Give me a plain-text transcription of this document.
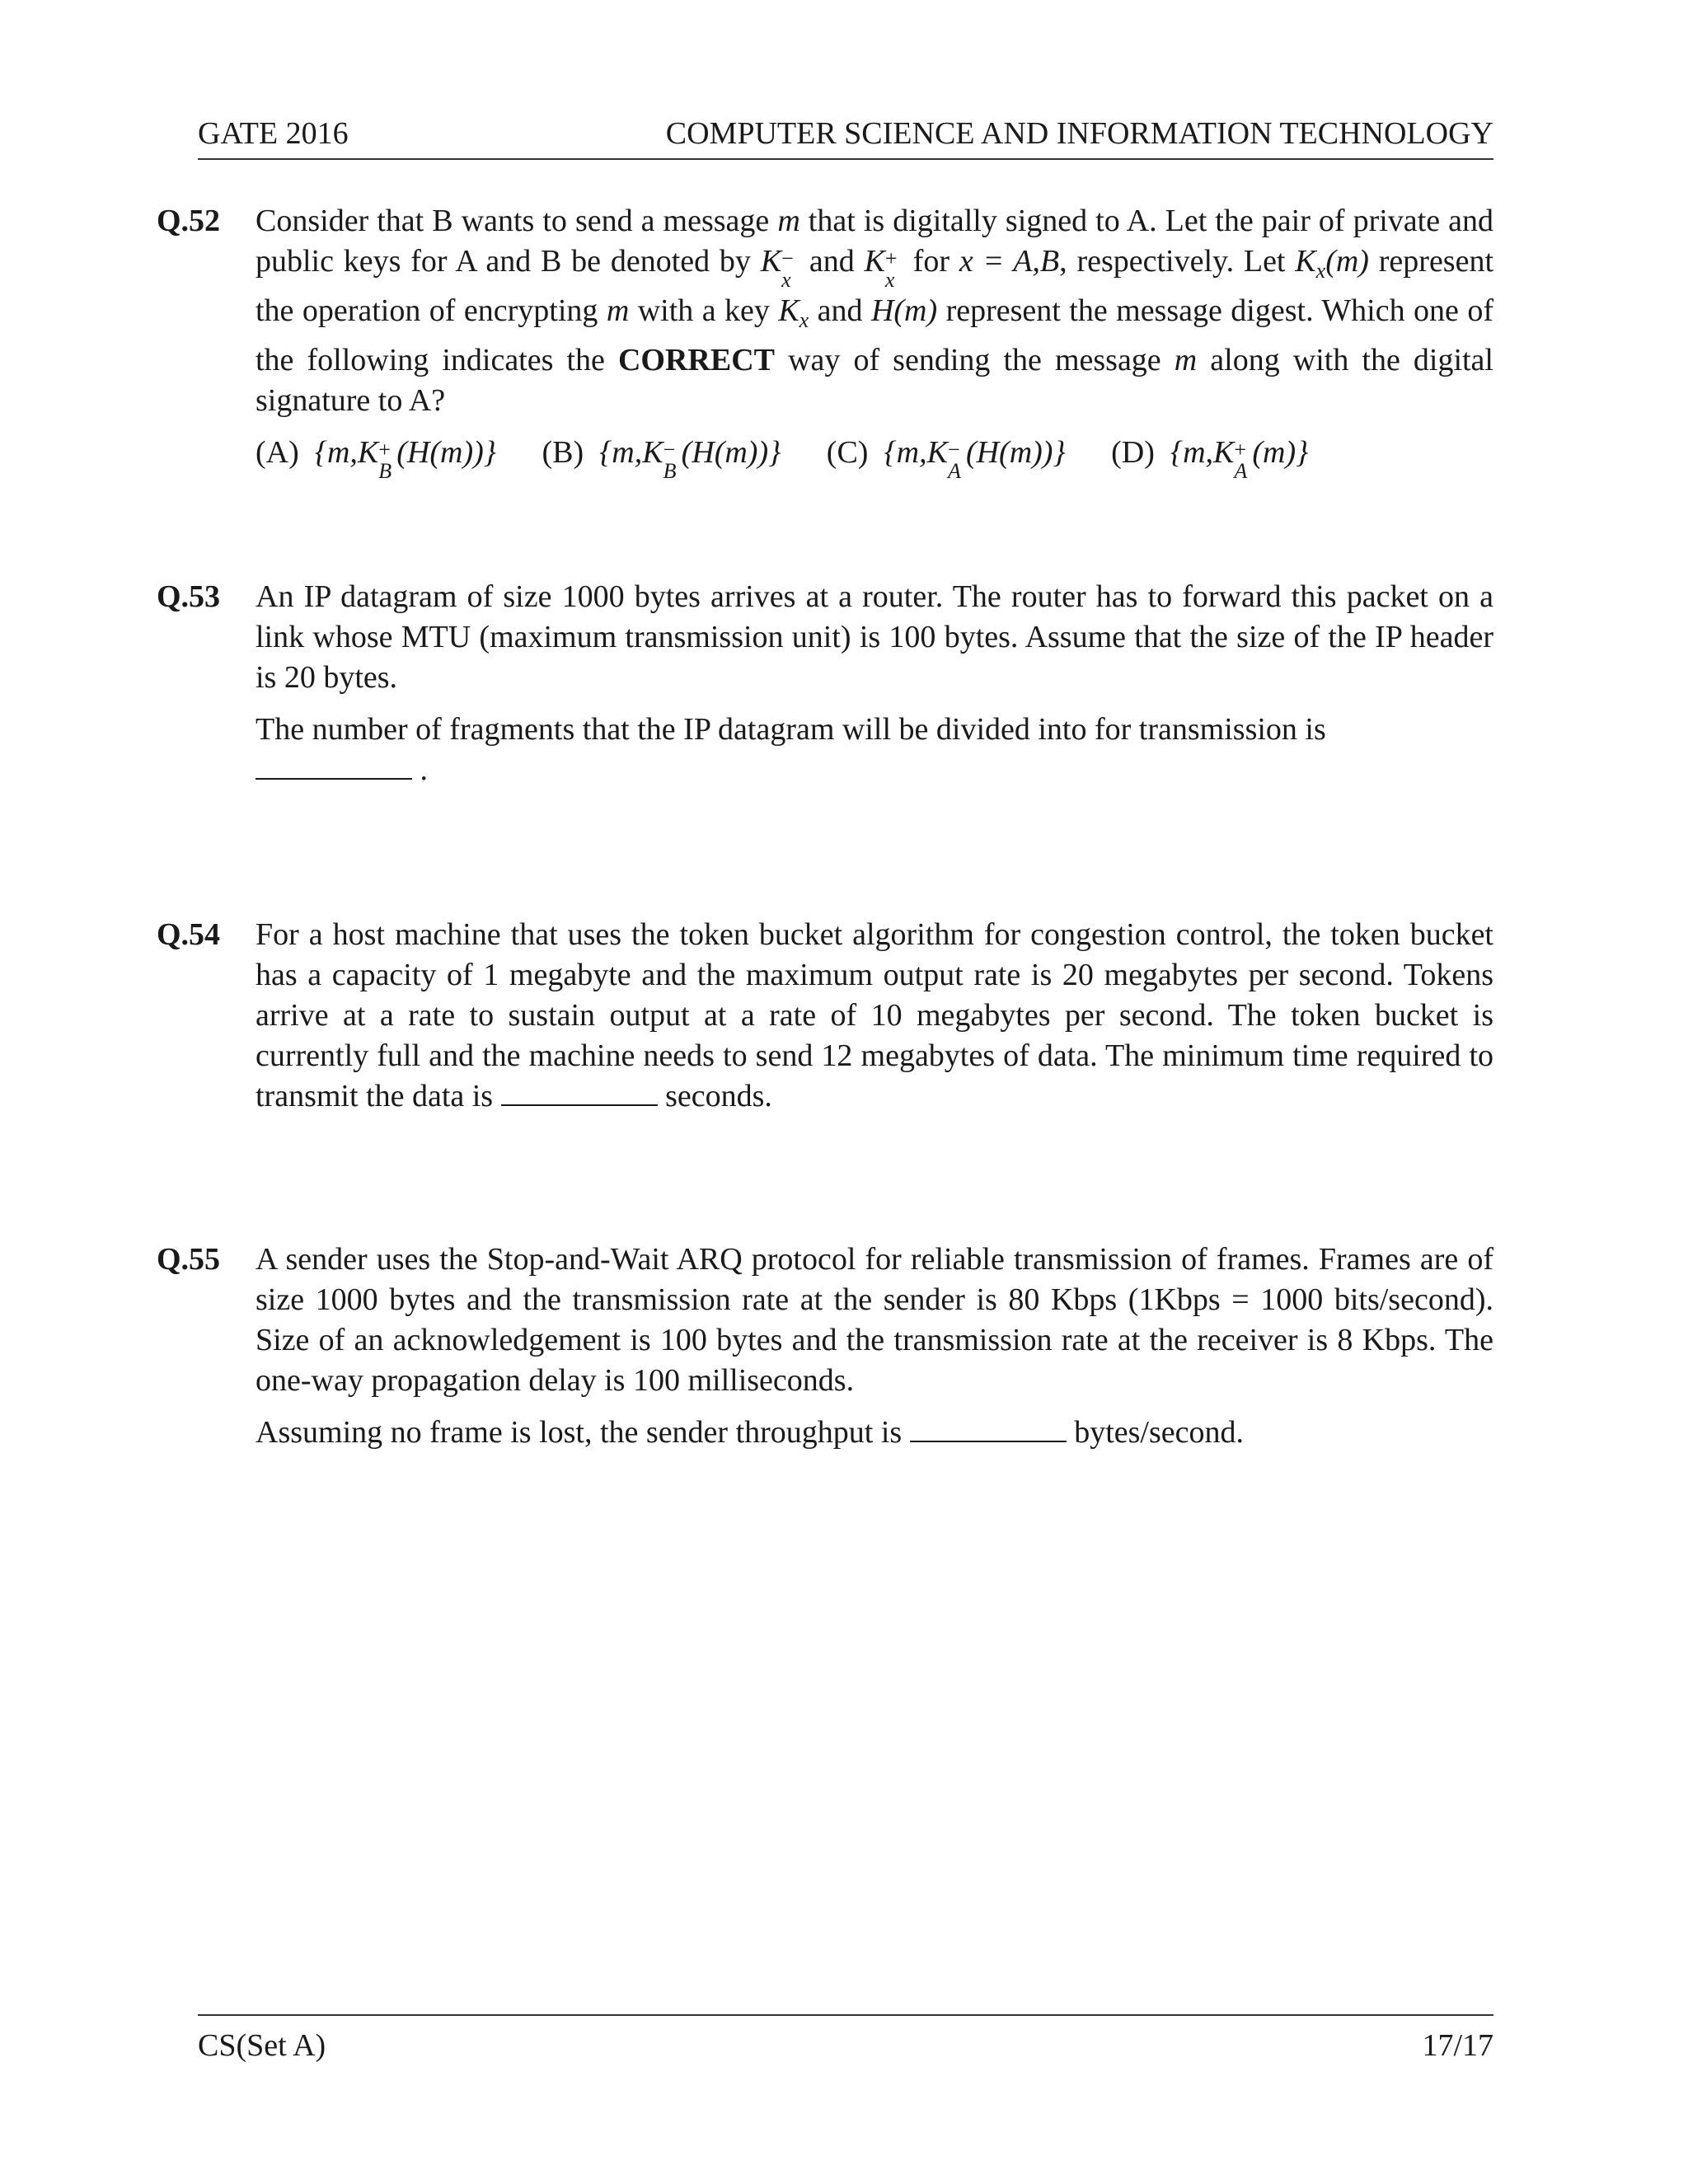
GATE 2016	COMPUTER SCIENCE AND INFORMATION TECHNOLOGY
Q.52 Consider that B wants to send a message m that is digitally signed to A. Let the pair of private and public keys for A and B be denoted by K −
x
and K +
x
for x = A,B, respectively. Let $K_x(m)$ represent the operation of encrypting m with a key $K_x$ and H(m) represent the message digest. Which one of the following indicates the CORRECT way of sending the message m along with the digital signature to A?

(A) {m,K +
B
(H(m))} (B) {m,K −
B
(H(m))} (C) {m,K −
A
(H(m))} (D) {m,K +
A
(m)}
Q.53 An IP datagram of size 1000 bytes arrives at a router. The router has to forward this packet on a link whose MTU (maximum transmission unit) is 100 bytes. Assume that the size of the IP header is 20 bytes.

The number of fragments that the IP datagram will be divided into for transmission is
.

Q.54 For a host machine that uses the token bucket algorithm for congestion control, the token bucket has a capacity of 1 megabyte and the maximum output rate is 20 megabytes per second. Tokens arrive at a rate to sustain output at a rate of 10 megabytes per second. The token bucket is currently full and the machine needs to send 12 megabytes of data. The minimum time required to transmit the data is	seconds.

Q.55 A sender uses the Stop-and-Wait ARQ protocol for reliable transmission of frames. Frames are of size 1000 bytes and the transmission rate at the sender is 80 Kbps (1Kbps = 1000 bits/second). Size of an acknowledgement is 100 bytes and the transmission rate at the receiver is 8 Kbps. The one-way propagation delay is 100 milliseconds.

Assuming no frame is lost, the sender throughput is	bytes/second.

CS(Set A)	17/17
